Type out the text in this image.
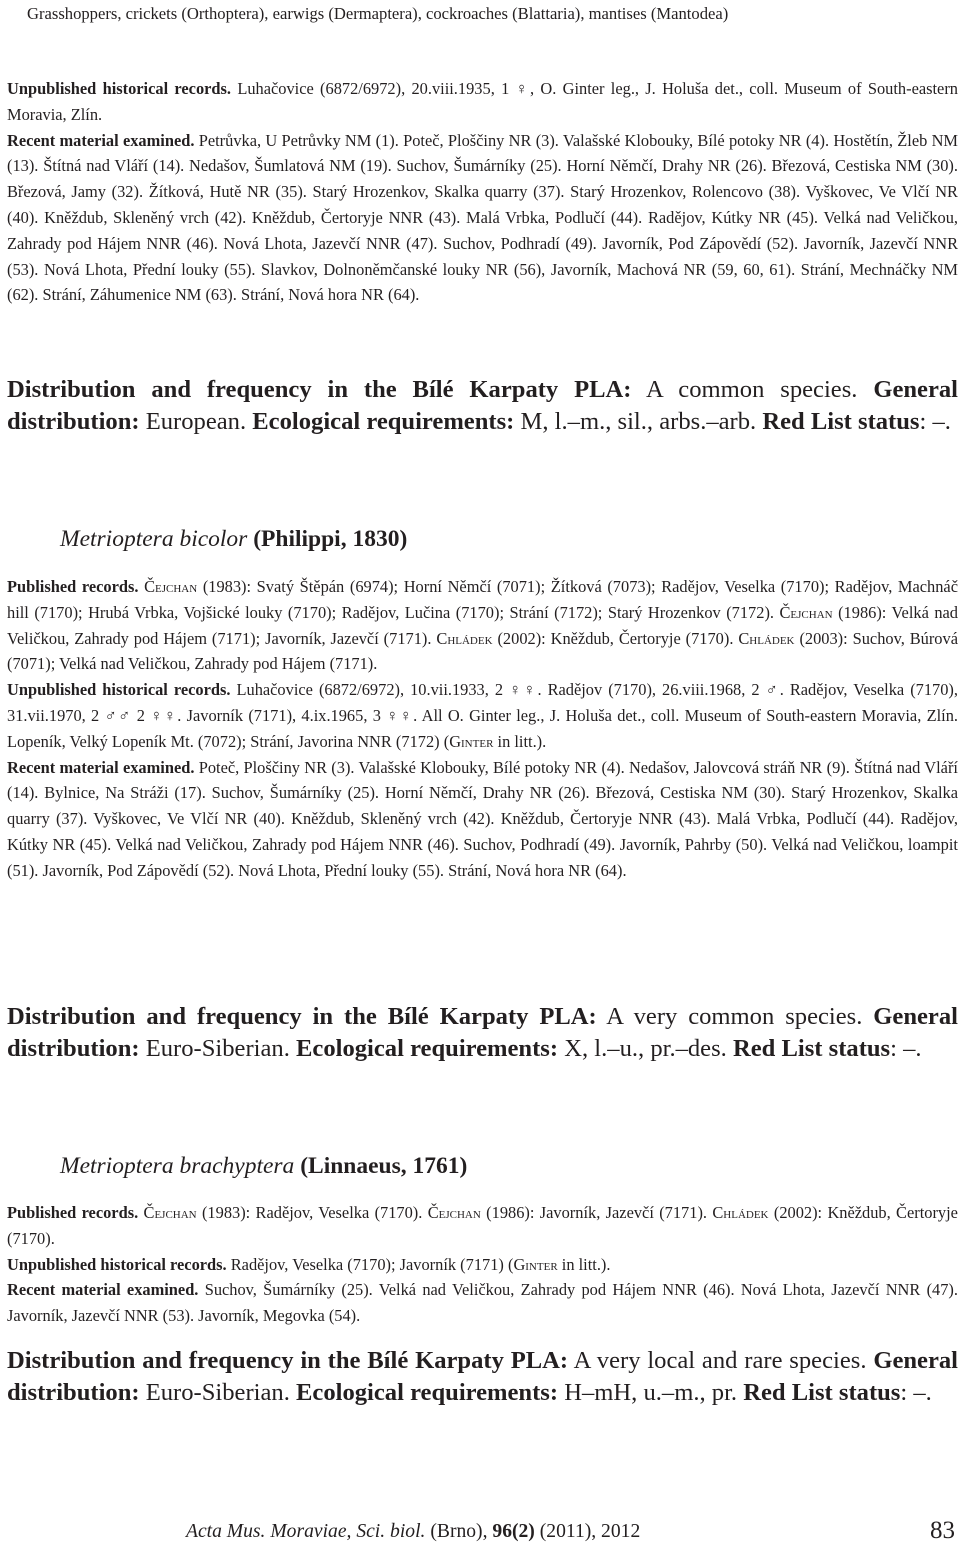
Grasshoppers, crickets (Orthoptera), earwigs (Dermaptera), cockroaches (Blattaria), mantises (Mantodea)
Unpublished historical records. Luhačovice (6872/6972), 20.viii.1935, 1 ♀, O. Ginter leg., J. Holuša det., coll. Museum of South-eastern Moravia, Zlín.
Recent material examined. Petrůvka, U Petrůvky NM (1). Poteč, Ploščiny NR (3). Valašské Klobouky, Bílé potoky NR (4). Hostětín, Žleb NM (13). Štítná nad Vláří (14). Nedašov, Šumlatová NM (19). Suchov, Šumárníky (25). Horní Němčí, Drahy NR (26). Březová, Cestiska NM (30). Březová, Jamy (32). Žítková, Hutě NR (35). Starý Hrozenkov, Skalka quarry (37). Starý Hrozenkov, Rolencovo (38). Vyškovec, Ve Vlčí NR (40). Kněždub, Skleněný vrch (42). Kněždub, Čertoryje NNR (43). Malá Vrbka, Podlučí (44). Radějov, Kútky NR (45). Velká nad Veličkou, Zahrady pod Hájem NNR (46). Nová Lhota, Jazevčí NNR (47). Suchov, Podhradí (49). Javorník, Pod Zápovědí (52). Javorník, Jazevčí NNR (53). Nová Lhota, Přední louky (55). Slavkov, Dolnoněmčanské louky NR (56), Javorník, Machová NR (59, 60, 61). Strání, Mechnáčky NM (62). Strání, Záhumenice NM (63). Strání, Nová hora NR (64).
Distribution and frequency in the Bílé Karpaty PLA: A common species. General distribution: European. Ecological requirements: M, l.–m., sil., arbs.–arb. Red List status: –.
Metrioptera bicolor (Philippi, 1830)
Published records. Čejchan (1983): Svatý Štěpán (6974); Horní Němčí (7071); Žítková (7073); Radějov, Veselka (7170); Radějov, Machnáč hill (7170); Hrubá Vrbka, Vojšické louky (7170); Radějov, Lučina (7170); Strání (7172); Starý Hrozenkov (7172). Čejchan (1986): Velká nad Veličkou, Zahrady pod Hájem (7171); Javorník, Jazevčí (7171). Chládek (2002): Kněždub, Čertoryje (7170). Chládek (2003): Suchov, Búrová (7071); Velká nad Veličkou, Zahrady pod Hájem (7171).
Unpublished historical records. Luhačovice (6872/6972), 10.vii.1933, 2 ♀♀. Radějov (7170), 26.viii.1968, 2 ♂. Radějov, Veselka (7170), 31.vii.1970, 2 ♂♂ 2 ♀♀. Javorník (7171), 4.ix.1965, 3 ♀♀. All O. Ginter leg., J. Holuša det., coll. Museum of South-eastern Moravia, Zlín. Lopeník, Velký Lopeník Mt. (7072); Strání, Javorina NNR (7172) (Ginter in litt.).
Recent material examined. Poteč, Ploščiny NR (3). Valašské Klobouky, Bílé potoky NR (4). Nedašov, Jalovcová stráň NR (9). Štítná nad Vláří (14). Bylnice, Na Stráži (17). Suchov, Šumárníky (25). Horní Němčí, Drahy NR (26). Březová, Cestiska NM (30). Starý Hrozenkov, Skalka quarry (37). Vyškovec, Ve Vlčí NR (40). Kněždub, Skleněný vrch (42). Kněždub, Čertoryje NNR (43). Malá Vrbka, Podlučí (44). Radějov, Kútky NR (45). Velká nad Veličkou, Zahrady pod Hájem NNR (46). Suchov, Podhradí (49). Javorník, Pahrby (50). Velká nad Veličkou, loampit (51). Javorník, Pod Zápovědí (52). Nová Lhota, Přední louky (55). Strání, Nová hora NR (64).
Distribution and frequency in the Bílé Karpaty PLA: A very common species. General distribution: Euro-Siberian. Ecological requirements: X, l.–u., pr.–des. Red List status: –.
Metrioptera brachyptera (Linnaeus, 1761)
Published records. Čejchan (1983): Radějov, Veselka (7170). Čejchan (1986): Javorník, Jazevčí (7171). Chládek (2002): Kněždub, Čertoryje (7170).
Unpublished historical records. Radějov, Veselka (7170); Javorník (7171) (Ginter in litt.).
Recent material examined. Suchov, Šumárníky (25). Velká nad Veličkou, Zahrady pod Hájem NNR (46). Nová Lhota, Jazevčí NNR (47). Javorník, Jazevčí NNR (53). Javorník, Megovka (54).
Distribution and frequency in the Bílé Karpaty PLA: A very local and rare species. General distribution: Euro-Siberian. Ecological requirements: H–mH, u.–m., pr. Red List status: –.
Acta Mus. Moraviae, Sci. biol. (Brno), 96(2) (2011), 2012	83
